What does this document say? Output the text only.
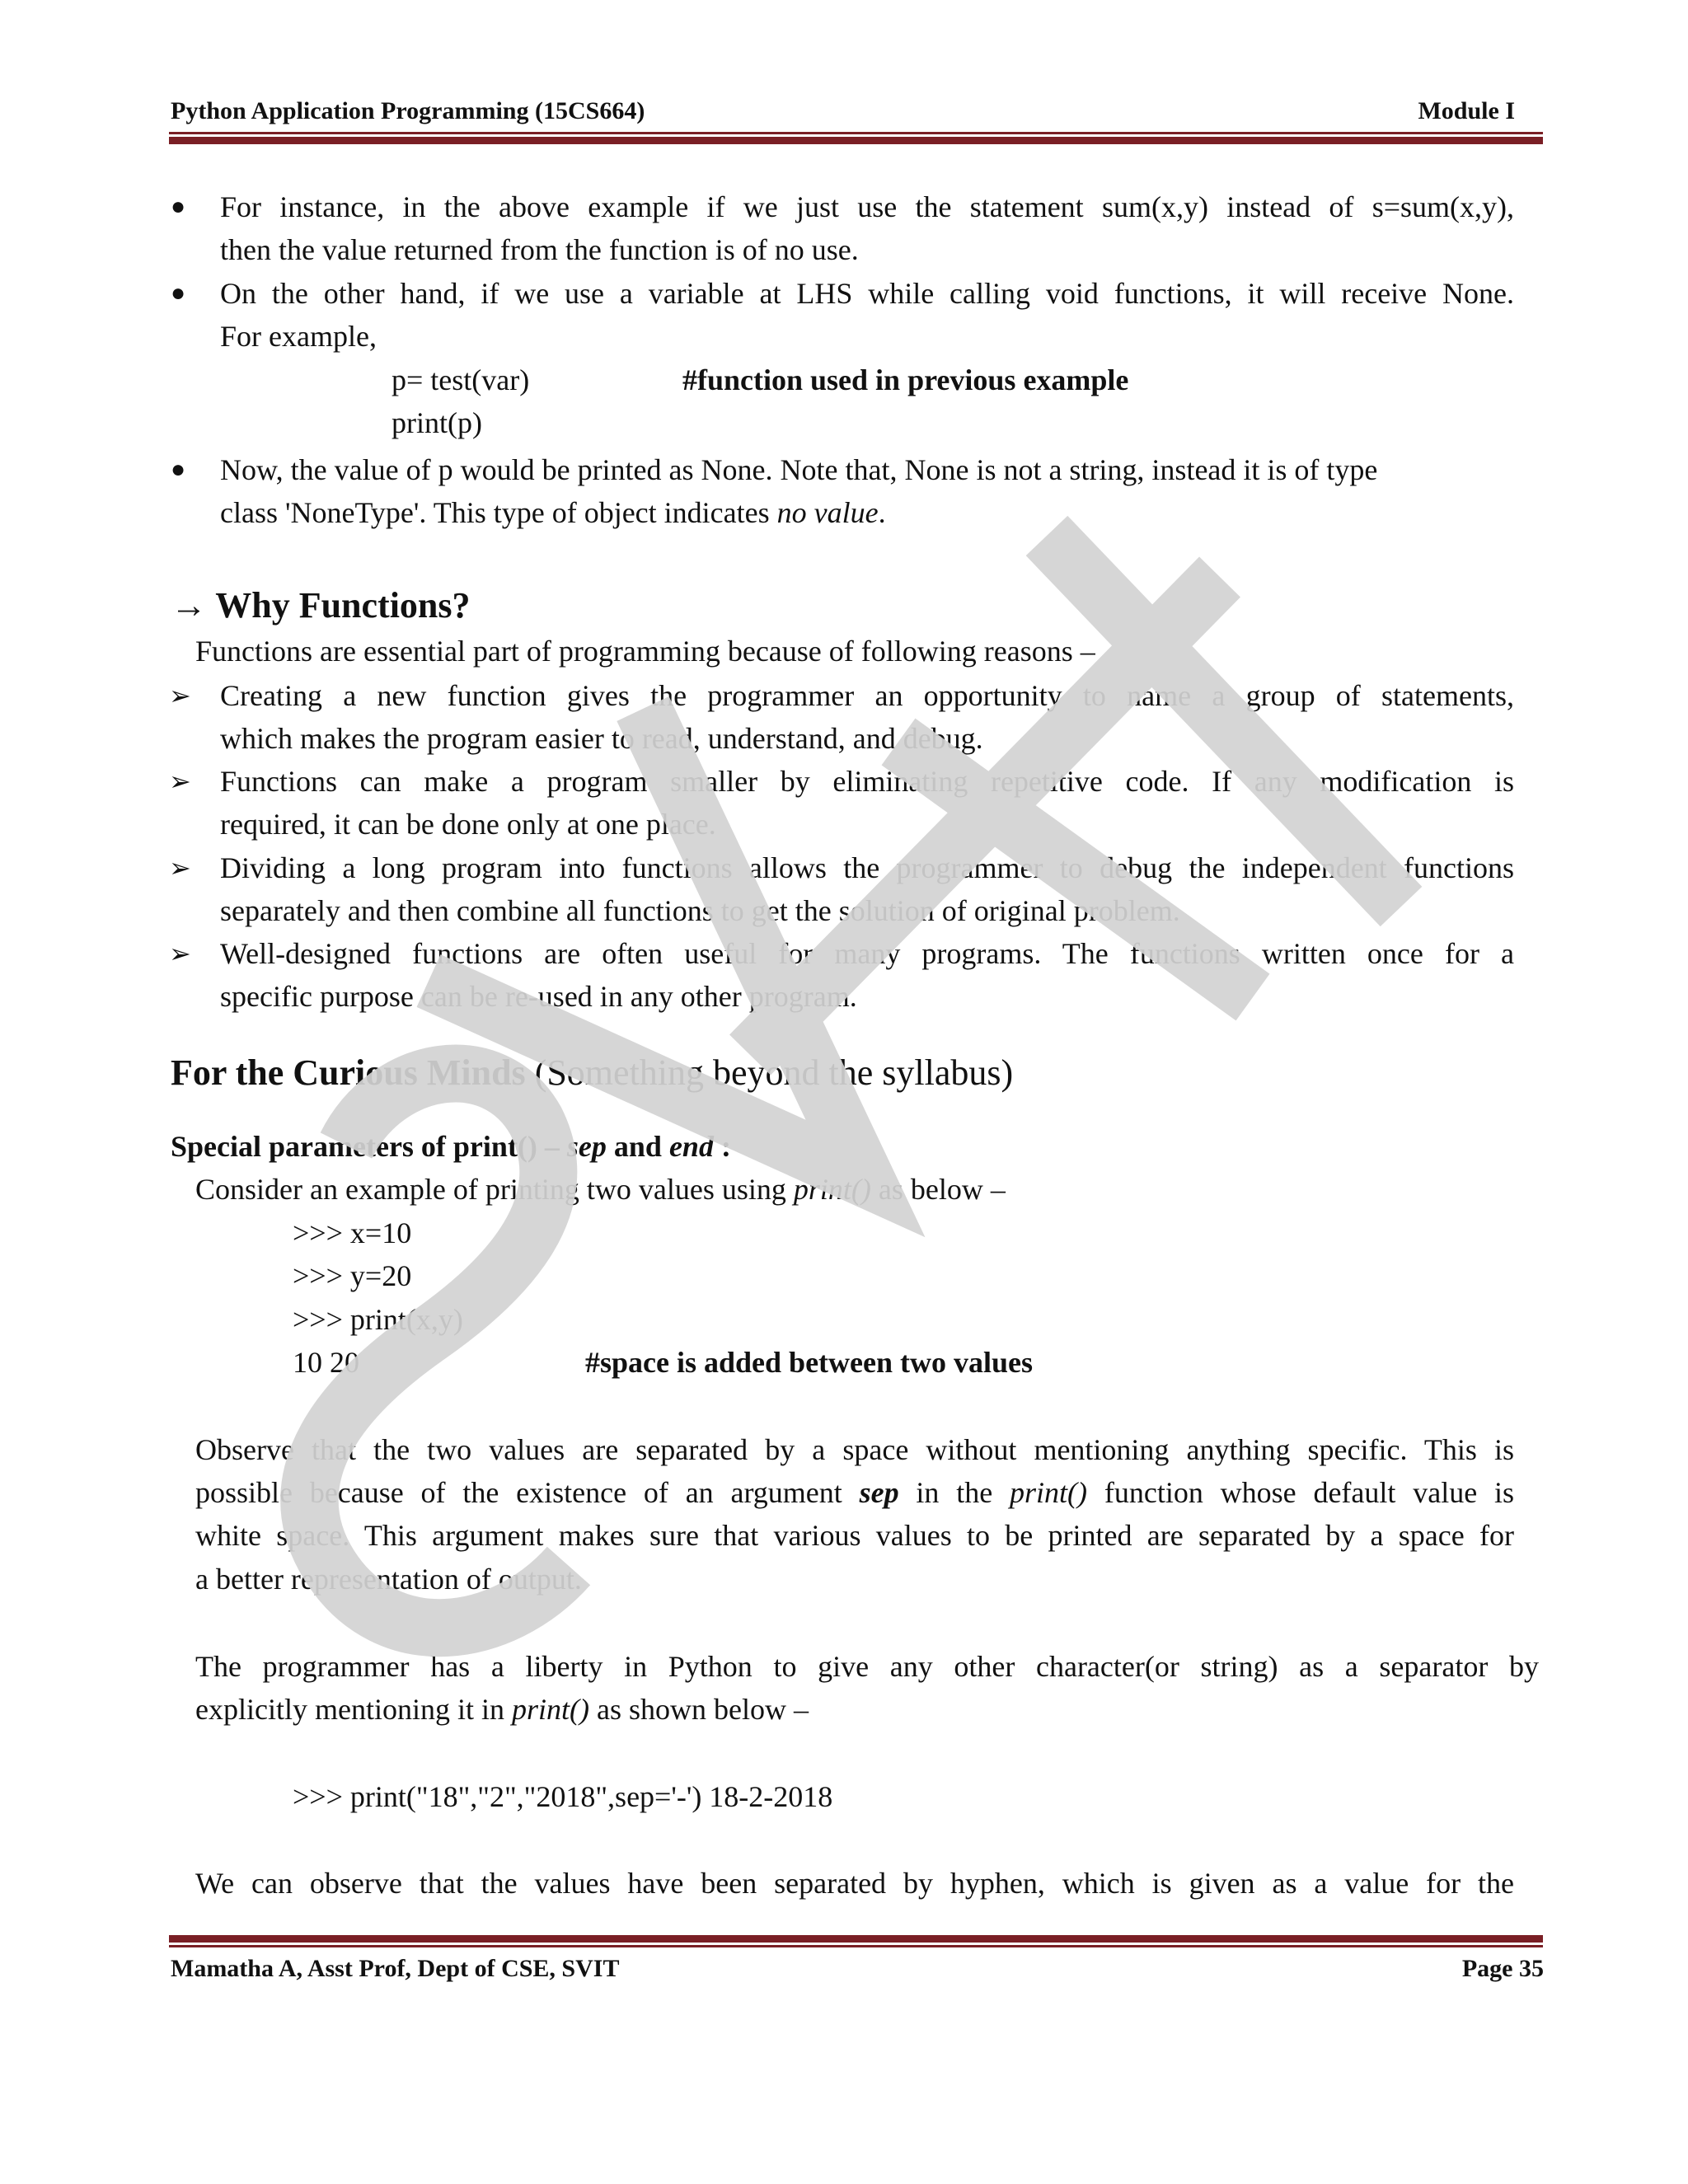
Python Application Programming (15CS664)	Module I
● For instance, in the above example if we just use the statement sum(x,y) instead of s=sum(x,y),
then the value returned from the function is of no use.
● On the other hand, if we use a variable at LHS while calling void functions, it will receive None.
For example,
p= test(var)	#function used in previous example
print(p)
● Now, the value of p would be printed as None. Note that, None is not a string, instead it is of type
class 'NoneType'. This type of object indicates no value.
→ Why Functions?
Functions are essential part of programming because of following reasons –
➢ Creating a new function gives the programmer an opportunity to name a group of statements,
which makes the program easier to read, understand, and debug.
➢ Functions can make a program smaller by eliminating repetitive code. If any modification is
required, it can be done only at one place.
➢ Dividing a long program into functions allows the programmer to debug the independent functions
separately and then combine all functions to get the solution of original problem.
➢ Well-designed functions are often useful for many programs. The functions written once for a
specific purpose can be re-used in any other program.
For the Curious Minds (Something beyond the syllabus)
Special parameters of print() – sep and end :
Consider an example of printing two values using print() as below –
>>> x=10
>>> y=20
>>> print(x,y)
10 20	#space is added between two values
Observe that the two values are separated by a space without mentioning anything specific. This is
possible because of the existence of an argument sep in the print() function whose default value is
white space. This argument makes sure that various values to be printed are separated by a space for
a better representation of output.
The programmer has a liberty in Python to give any other character(or string) as a separator by
explicitly mentioning it in print() as shown below –
>>> print("18","2","2018",sep='-') 18-2-2018
We can observe that the values have been separated by hyphen, which is given as a value for the
Mamatha A, Asst Prof, Dept of CSE, SVIT	Page 35
